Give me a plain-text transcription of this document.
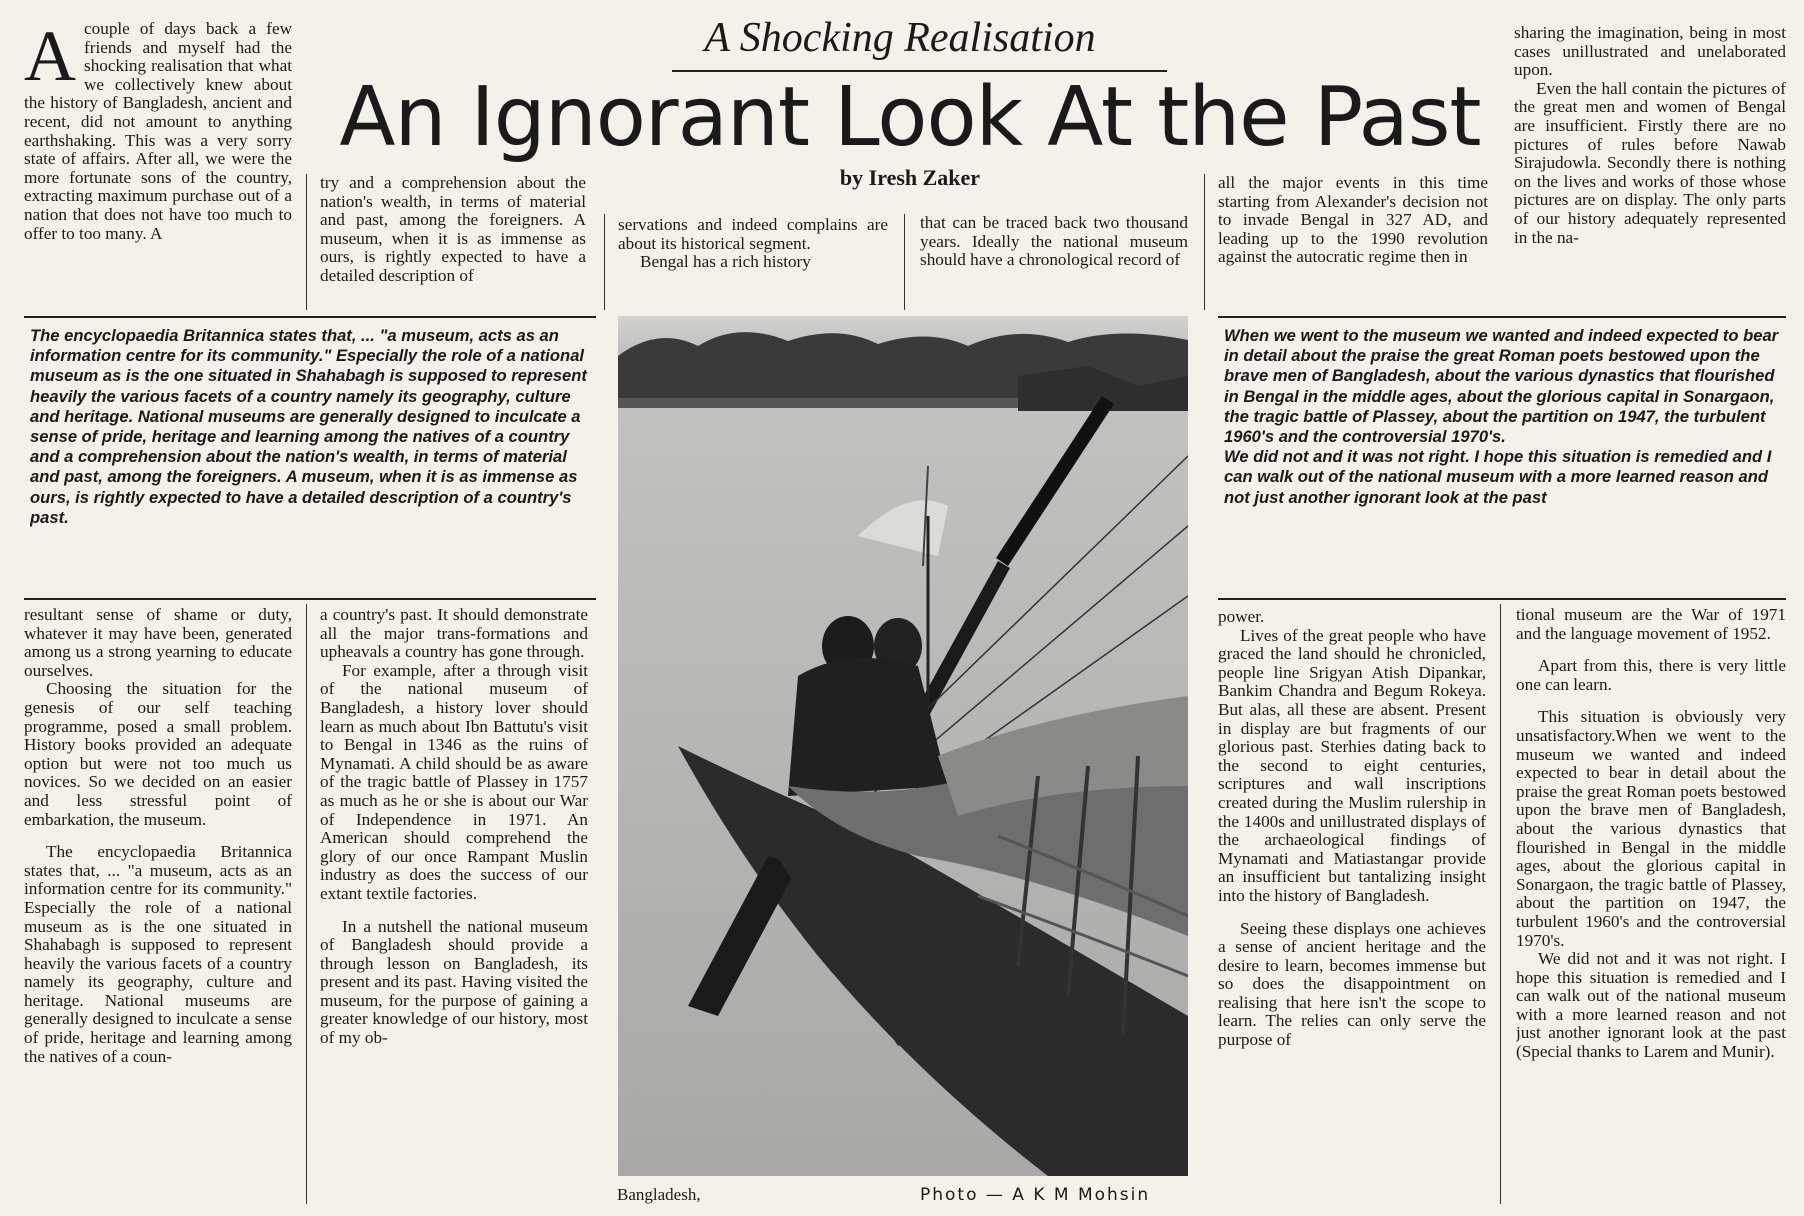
A Shocking Realisation
An Ignorant Look At the Past
by Iresh Zaker

Acouple of days back a few friends and myself had the shocking realisation that what we collectively knew about the history of Bangladesh, ancient and recent, did not amount to anything earthshaking. This was a very sorry state of affairs. After all, we were the more fortunate sons of the country, extracting maximum purchase out of a nation that does not have too much to offer to too many. A

try and a comprehension about the nation's wealth, in terms of material and past, among the foreigners. A museum, when it is as immense as ours, is rightly expected to have a detailed description of

servations and indeed complains are about its historical segment.

Bengal has a rich history

that can be traced back two thousand years. Ideally the national museum should have a chronological record of

all the major events in this time starting from Alexander's decision not to invade Bengal in 327 AD, and leading up to the 1990 revolution against the autocratic regime then in

sharing the imagination, being in most cases unillustrated and unelaborated upon.

Even the hall contain the pictures of the great men and women of Bengal are insufficient. Firstly there are no pictures of rules before Nawab Sirajudowla. Secondly there is nothing on the lives and works of those whose pictures are on display. The only parts of our history adequately represented in the na-

The encyclopaedia Britannica states that, ... "a museum, acts as an information centre for its community." Especially the role of a national museum as is the one situated in Shahabagh is supposed to represent heavily the various facets of a country namely its geography, culture and heritage. National museums are generally designed to inculcate a sense of pride, heritage and learning among the natives of a country and a comprehension about the nation's wealth, in terms of material and past, among the foreigners. A museum, when it is as immense as ours, is rightly expected to have a detailed description of a country's past.

When we went to the museum we wanted and indeed expected to bear in detail about the praise the great Roman poets bestowed upon the brave men of Bangladesh, about the various dynastics that flourished in Bengal in the middle ages, about the glorious capital in Sonargaon, the tragic battle of Plassey, about the partition on 1947, the turbulent 1960's and the controversial 1970's.

We did not and it was not right. I hope this situation is remedied and I can walk out of the national museum with a more learned reason and not just another ignorant look at the past

Bangladesh,	Photo — A K M Mohsin

resultant sense of shame or duty, whatever it may have been, generated among us a strong yearning to educate ourselves.

Choosing the situation for the genesis of our self teaching programme, posed a small problem. History books provided an adequate option but were not too much us novices. So we decided on an easier and less stressful point of embarkation, the museum.

The encyclopaedia Britannica states that, ... "a museum, acts as an information centre for its community." Especially the role of a national museum as is the one situated in Shahabagh is supposed to represent heavily the various facets of a country namely its geography, culture and heritage. National museums are generally designed to inculcate a sense of pride, heritage and learning among the natives of a coun-

a country's past. It should demonstrate all the major trans-formations and upheavals a country has gone through.

For example, after a through visit of the national museum of Bangladesh, a history lover should learn as much about Ibn Battutu's visit to Bengal in 1346 as the ruins of Mynamati. A child should be as aware of the tragic battle of Plassey in 1757 as much as he or she is about our War of Independence in 1971. An American should comprehend the glory of our once Rampant Muslin industry as does the success of our extant textile factories.

In a nutshell the national museum of Bangladesh should provide a through lesson on Bangladesh, its present and its past. Having visited the museum, for the purpose of gaining a greater knowledge of our history, most of my ob-

power.

Lives of the great people who have graced the land should he chronicled, people line Srigyan Atish Dipankar, Bankim Chandra and Begum Rokeya. But alas, all these are absent. Present in display are but fragments of our glorious past. Sterhies dating back to the second to eight centuries, scriptures and wall inscriptions created during the Muslim rulership in the 1400s and unillustrated displays of the archaeological findings of Mynamati and Matiastangar provide an insufficient but tantalizing insight into the history of Bangladesh.

Seeing these displays one achieves a sense of ancient heritage and the desire to learn, becomes immense but so does the disappointment on realising that here isn't the scope to learn. The relies can only serve the purpose of

tional museum are the War of 1971 and the language movement of 1952.

Apart from this, there is very little one can learn.

This situation is obviously very unsatisfactory.When we went to the museum we wanted and indeed expected to bear in detail about the praise the great Roman poets bestowed upon the brave men of Bangladesh, about the various dynastics that flourished in Bengal in the middle ages, about the glorious capital in Sonargaon, the tragic battle of Plassey, about the partition on 1947, the turbulent 1960's and the controversial 1970's.

We did not and it was not right. I hope this situation is remedied and I can walk out of the national museum with a more learned reason and not just another ignorant look at the past (Special thanks to Larem and Munir).
